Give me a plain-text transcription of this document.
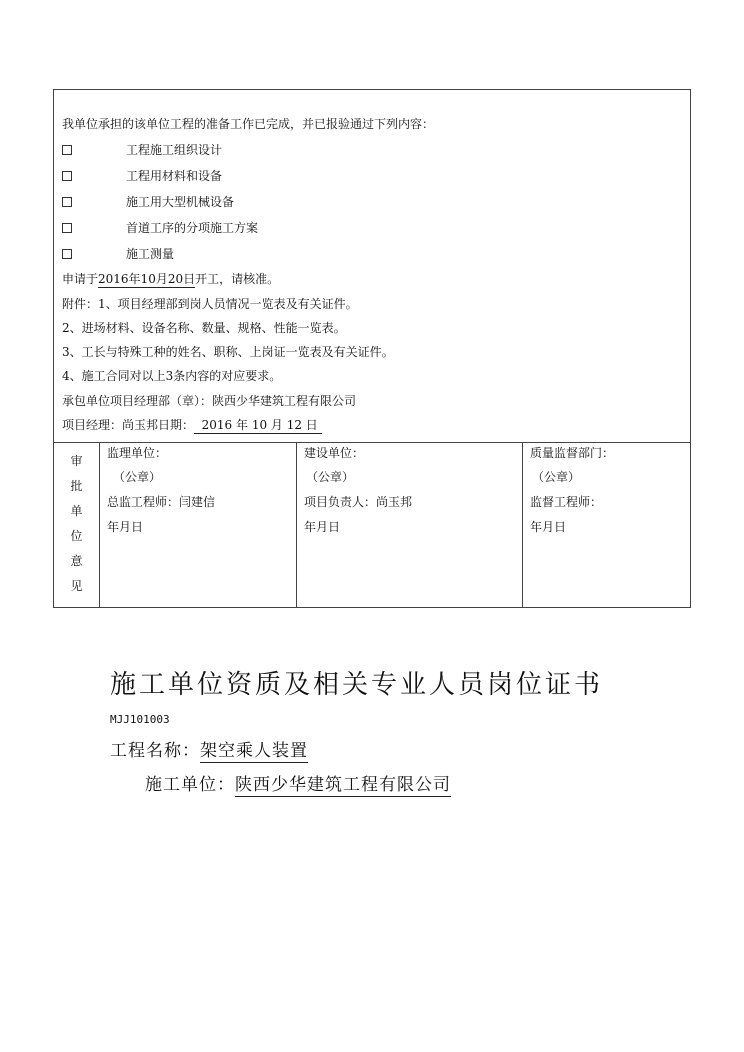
我单位承担的该单位工程的准备工作已完成，并已报验通过下列内容：
工程施工组织设计
工程用材料和设备
施工用大型机械设备
首道工序的分项施工方案
施工测量
申请于2016年10月20日开工，请核准。
附件：1、项目经理部到岗人员情况一览表及有关证件。
2、进场材料、设备名称、数量、规格、性能一览表。
3、工长与特殊工种的姓名、职称、上岗证一览表及有关证件。
4、施工合同对以上3条内容的对应要求。
承包单位项目经理部（章）：陕西少华建筑工程有限公司
项目经理：尚玉邦日期：  2016 年 10 月 12 日
审
批
单
位
意
见
监理单位：
（公章）
总监工程师：闫建信
年月日
建设单位：
（公章）
项目负责人：尚玉邦
年月日
质量监督部门：
（公章）
监督工程师：
年月日
施工单位资质及相关专业人员岗位证书
MJJ101003
工程名称：架空乘人装置
施工单位：陕西少华建筑工程有限公司
